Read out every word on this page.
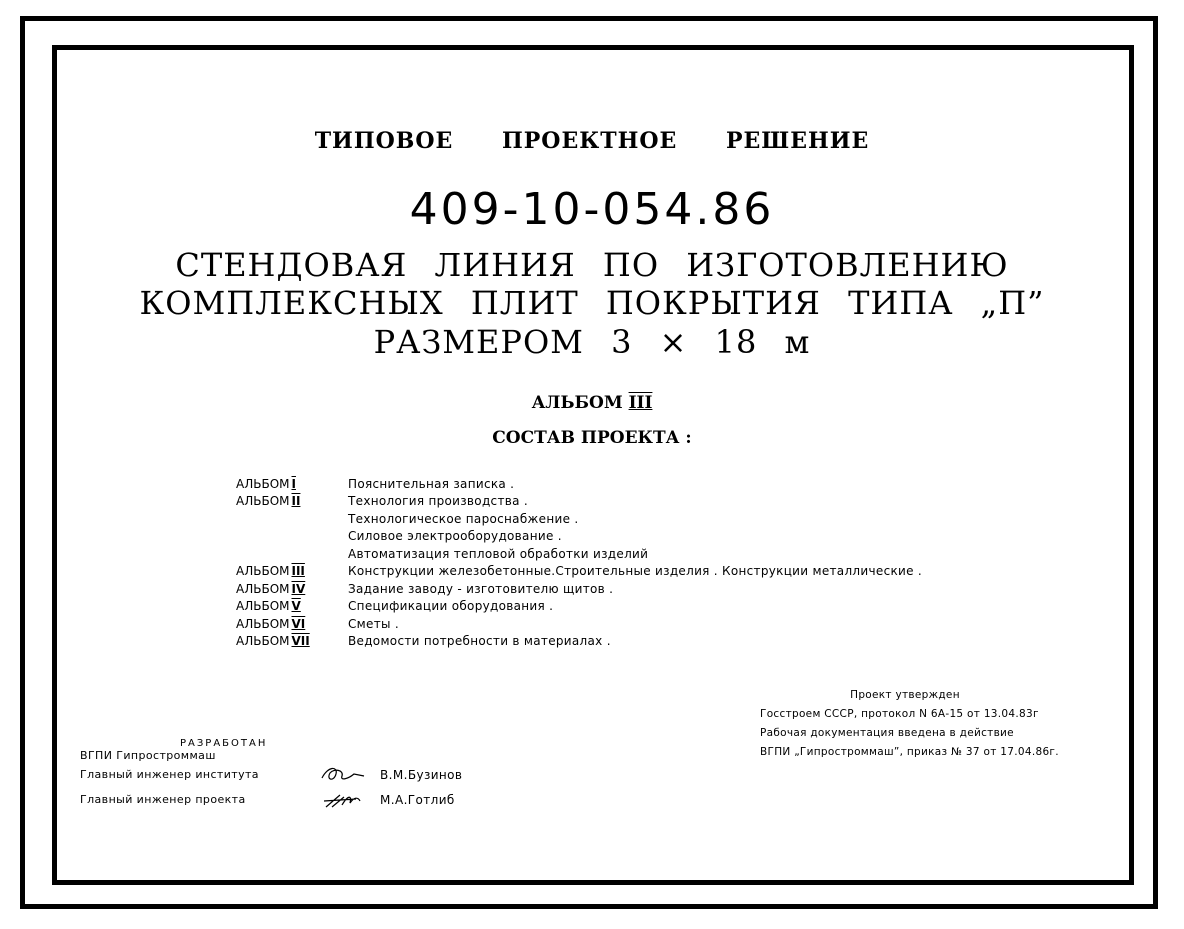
ТИПОВОЕ ПРОЕКТНОЕ РЕШЕНИЕ
409-10-054.86
СТЕНДОВАЯ ЛИНИЯ ПО ИЗГОТОВЛЕНИЮ
КОМПЛЕКСНЫХ ПЛИТ ПОКРЫТИЯ ТИПА „П”
РАЗМЕРОМ 3 × 18 м
АЛЬБОМ III
СОСТАВ ПРОЕКТА :
АЛЬБОМ I	Пояснительная записка .
АЛЬБОМ II	Технология производства .
Технологическое пароснабжение .
Силовое электрооборудование .
Автоматизация тепловой обработки изделий
АЛЬБОМ III	Конструкции железобетонные.Строительные изделия . Конструкции металлические .
АЛЬБОМ IV	Задание заводу - изготовителю щитов .
АЛЬБОМ V	Спецификации оборудования .
АЛЬБОМ VI	Сметы .
АЛЬБОМ VII	Ведомости потребности в материалах .
Проект утвержден
Госстроем СССР, протокол N 6А-15 от 13.04.83г
Рабочая документация введена в действие
ВГПИ „Гипростроммаш”, приказ № 37 от 17.04.86г.
РАЗРАБОТАН
ВГПИ Гипростроммаш
Главный инженер института	В.М.Бузинов
Главный инженер проекта	М.А.Готлиб
